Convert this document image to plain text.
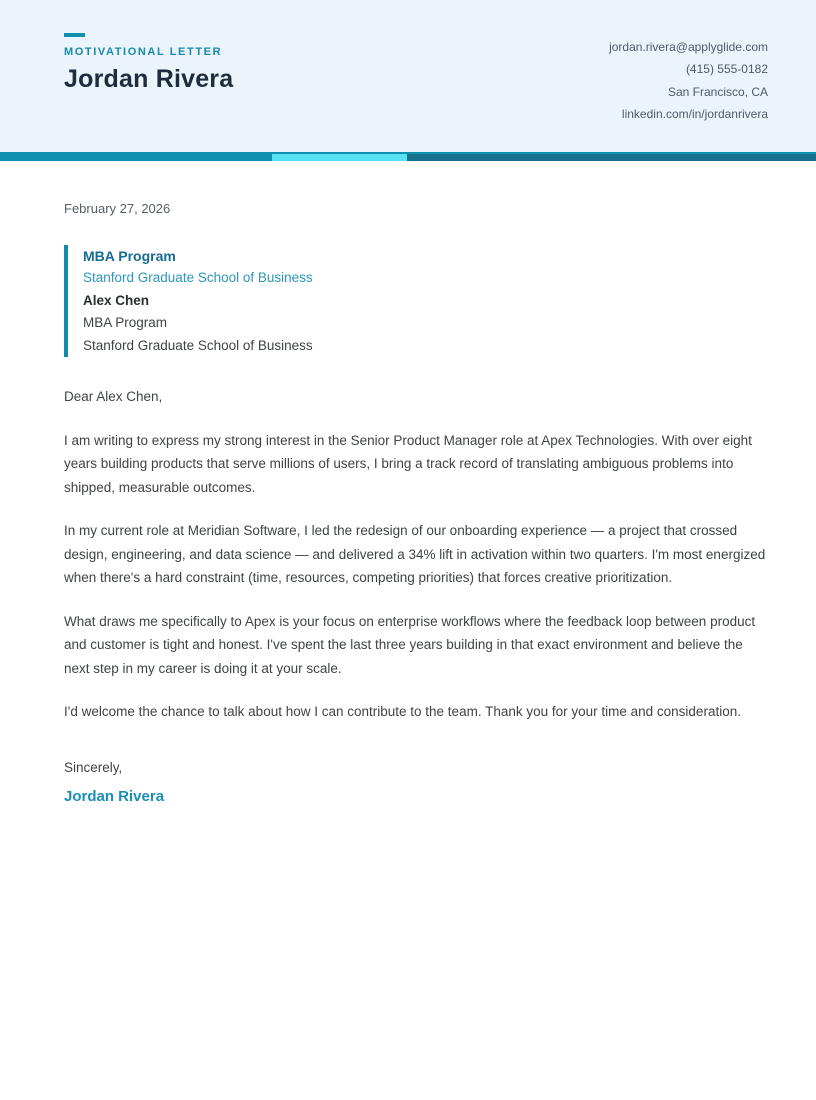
MOTIVATIONAL LETTER
Jordan Rivera
jordan.rivera@applyglide.com
(415) 555-0182
San Francisco, CA
linkedin.com/in/jordanrivera
February 27, 2026
MBA Program
Stanford Graduate School of Business
Alex Chen
MBA Program
Stanford Graduate School of Business
Dear Alex Chen,

I am writing to express my strong interest in the Senior Product Manager role at Apex Technologies. With over eight years building products that serve millions of users, I bring a track record of translating ambiguous problems into shipped, measurable outcomes.

In my current role at Meridian Software, I led the redesign of our onboarding experience — a project that crossed design, engineering, and data science — and delivered a 34% lift in activation within two quarters. I'm most energized when there's a hard constraint (time, resources, competing priorities) that forces creative prioritization.

What draws me specifically to Apex is your focus on enterprise workflows where the feedback loop between product and customer is tight and honest. I've spent the last three years building in that exact environment and believe the next step in my career is doing it at your scale.

I'd welcome the chance to talk about how I can contribute to the team. Thank you for your time and consideration.

Sincerely,
Jordan Rivera
